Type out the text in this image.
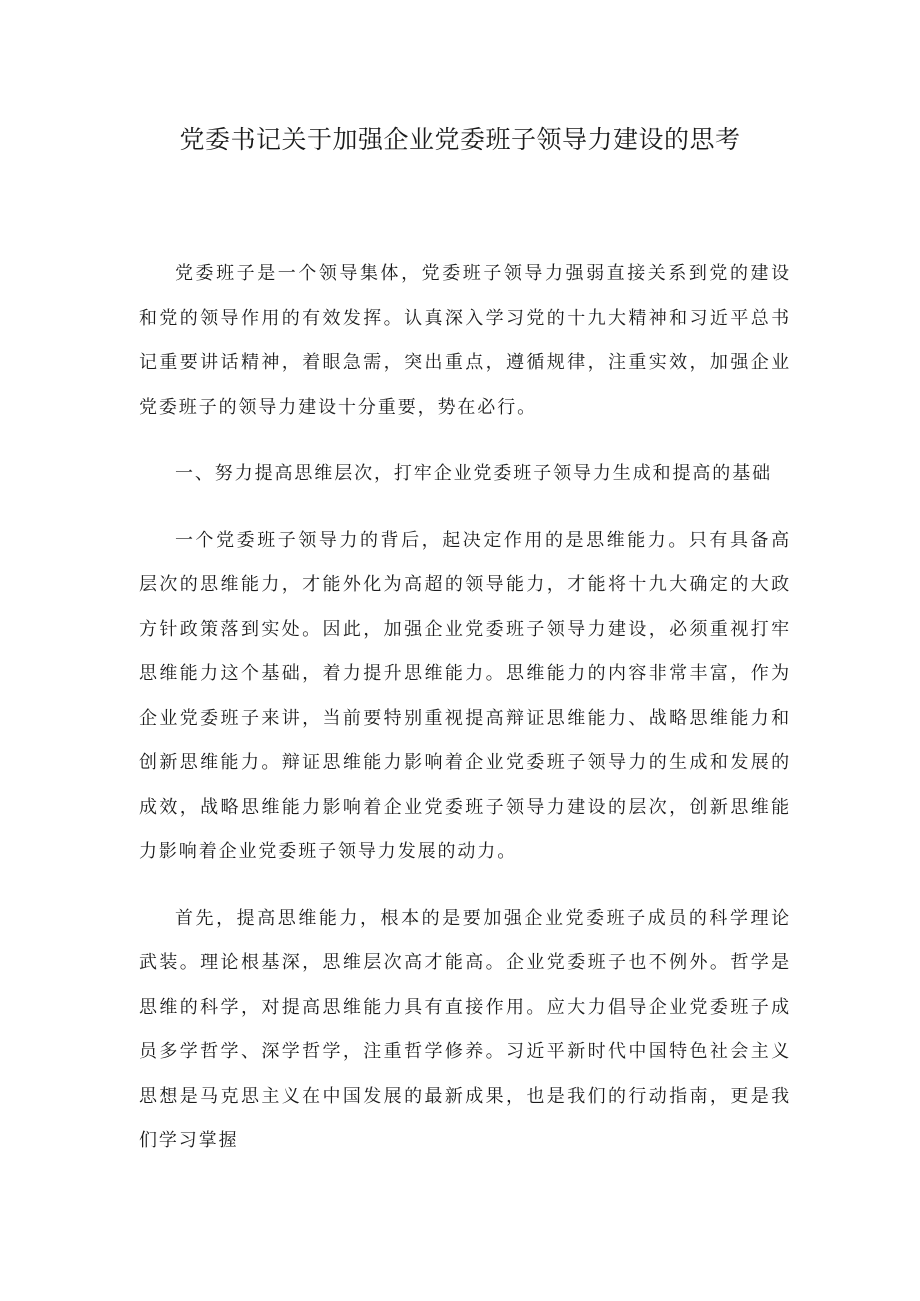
党委书记关于加强企业党委班子领导力建设的思考

党委班子是一个领导集体，党委班子领导力强弱直接关系到党的建设和党的领导作用的有效发挥。认真深入学习党的十九大精神和习近平总书记重要讲话精神，着眼急需，突出重点，遵循规律，注重实效，加强企业党委班子的领导力建设十分重要，势在必行。

一、努力提高思维层次，打牢企业党委班子领导力生成和提高的基础

一个党委班子领导力的背后，起决定作用的是思维能力。只有具备高层次的思维能力，才能外化为高超的领导能力，才能将十九大确定的大政方针政策落到实处。因此，加强企业党委班子领导力建设，必须重视打牢思维能力这个基础，着力提升思维能力。思维能力的内容非常丰富，作为企业党委班子来讲，当前要特别重视提高辩证思维能力、战略思维能力和创新思维能力。辩证思维能力影响着企业党委班子领导力的生成和发展的成效，战略思维能力影响着企业党委班子领导力建设的层次，创新思维能力影响着企业党委班子领导力发展的动力。

首先，提高思维能力，根本的是要加强企业党委班子成员的科学理论武装。理论根基深，思维层次高才能高。企业党委班子也不例外。哲学是思维的科学，对提高思维能力具有直接作用。应大力倡导企业党委班子成员多学哲学、深学哲学，注重哲学修养。习近平新时代中国特色社会主义思想是马克思主义在中国发展的最新成果，也是我们的行动指南，更是我们学习掌握
